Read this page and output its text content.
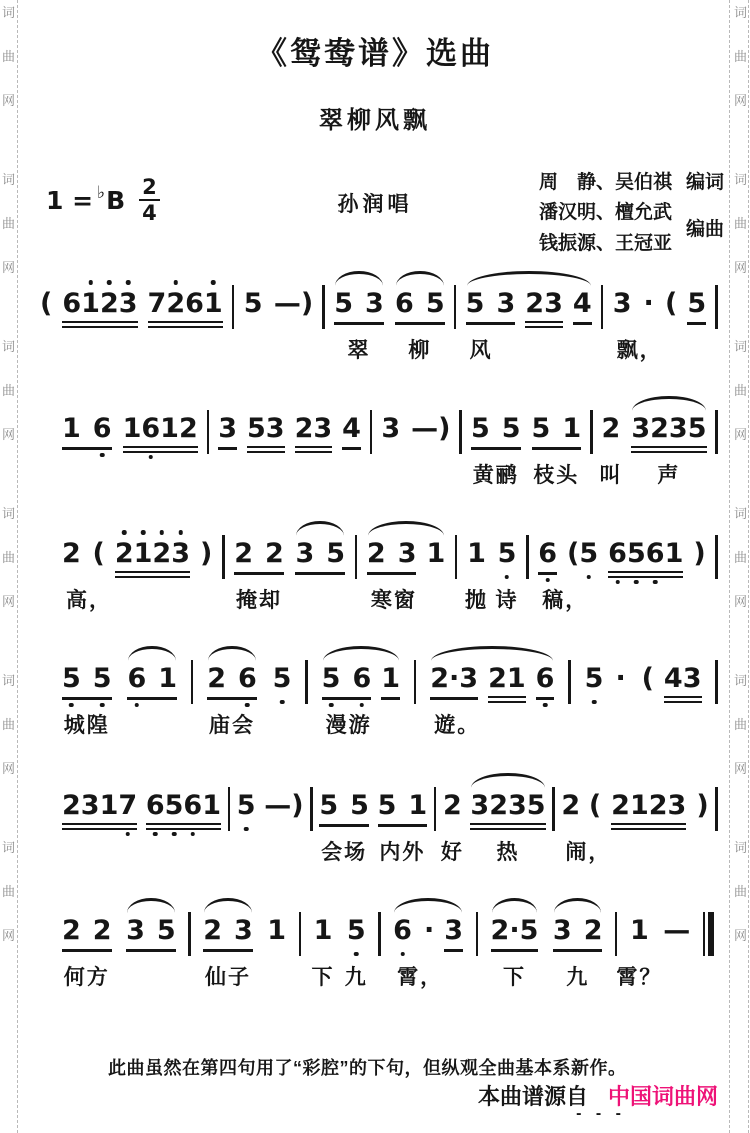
词
曲
网
词
曲
网
词
曲
网
词
曲
网
词
曲
网
词
曲
网
词
曲
网
词
曲
网
词
曲
网
词
曲
网
词
曲
网
词
曲
网
《鸳鸯谱》选曲
翠柳风飘
1 = ♭ B $\frac{2}{4}$	孙润唱
周　静、吴伯祺
潘汉明、檀允武
钱振源、王冠亚
编词
编曲
( 6 1 2 3 7 2 6 1 5 — ) 5
3
翠
6
5
柳
5
3 2 3 4
风
3
·
飘，
( 5
1
6 1 6 1 2 3 5 3 2 3 4 3 — ) 5
5
黄鹂
5
1
枝头
2
叫
3 2 3 5
声
2
高，
( 2 1 2 3 ) 2
2
掩却
3
5 2
3 1
寒窗
1
抛
5
诗
6 ( 5 6 5 6 1 )
稿，
5
5
城隍
6
1 2
6
庙会
5 5
6 1
漫游
2 · 3 2 1 6
遊。
5
· ( 4 3
2 3 1 7 6 5 6 1 5 — ) 5
5
会场
5
1
内外
2
好
3 2 3 5
热
2
闹，
( 2 1 2 3 )
2
2
何方
3
5 2
3
仙子
1 1
下
5
九
6
· 3
霄，
2 · 5
下
3
2
九
1
霄？
—
此曲虽然在第四句用了“彩腔”的下句，但纵观全曲基本系新作。
本曲谱源自 中国词曲网
- - -
